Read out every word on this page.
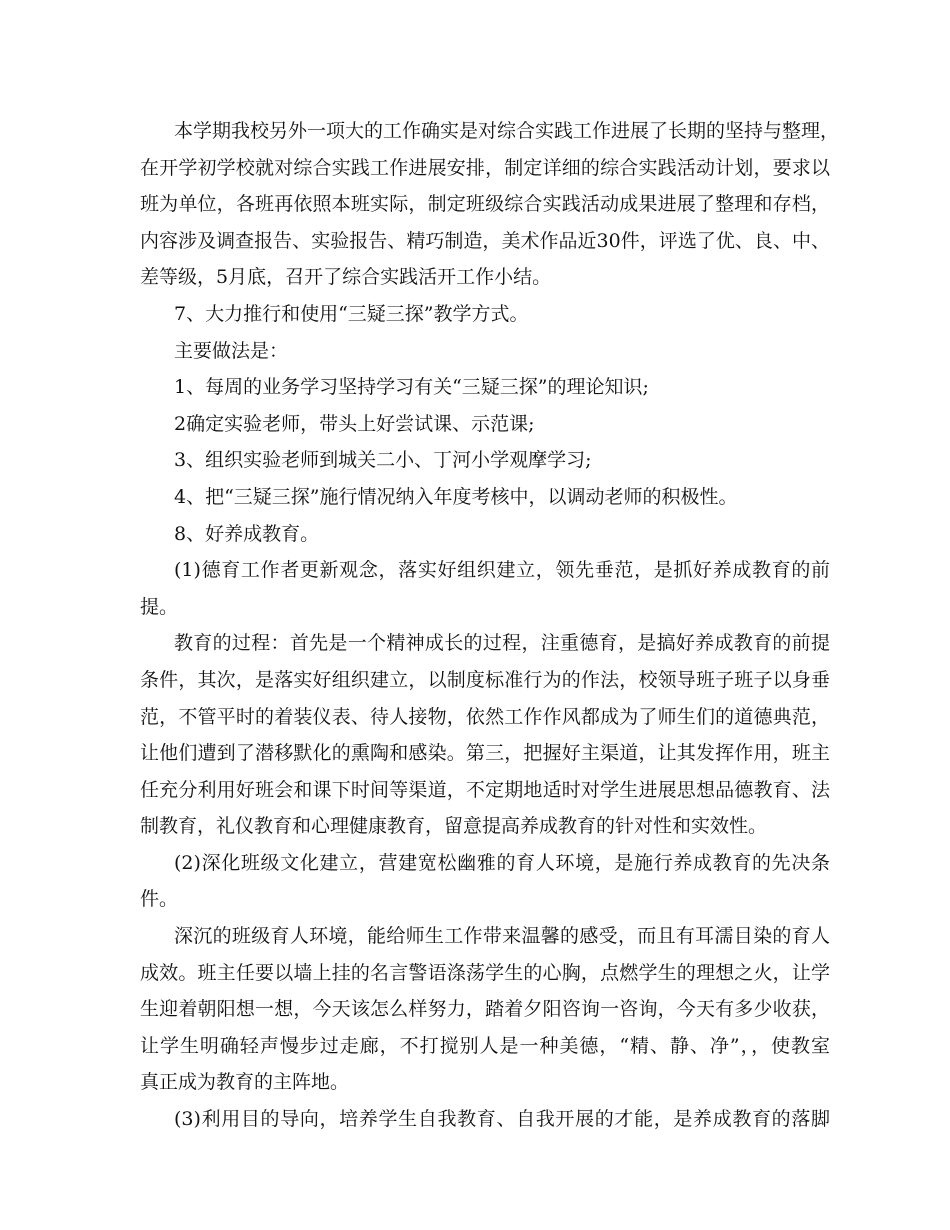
本学期我校另外一项大的工作确实是对综合实践工作进展了长期的坚持与整理，
在开学初学校就对综合实践工作进展安排，制定详细的综合实践活动计划，要求以
班为单位，各班再依照本班实际，制定班级综合实践活动成果进展了整理和存档，
内容涉及调查报告、实验报告、精巧制造，美术作品近30件，评选了优、良、中、
差等级，5月底，召开了综合实践活开工作小结。
7、大力推行和使用“三疑三探”教学方式。
主要做法是：
1、每周的业务学习坚持学习有关“三疑三探”的理论知识;
2确定实验老师，带头上好尝试课、示范课;
3、组织实验老师到城关二小、丁河小学观摩学习;
4、把“三疑三探”施行情况纳入年度考核中，以调动老师的积极性。
8、好养成教育。
(1)德育工作者更新观念，落实好组织建立，领先垂范，是抓好养成教育的前
提。
教育的过程：首先是一个精神成长的过程，注重德育，是搞好养成教育的前提
条件，其次，是落实好组织建立，以制度标准行为的作法，校领导班子班子以身垂
范，不管平时的着装仪表、待人接物，依然工作作风都成为了师生们的道德典范，
让他们遭到了潜移默化的熏陶和感染。第三，把握好主渠道，让其发挥作用，班主
任充分利用好班会和课下时间等渠道，不定期地适时对学生进展思想品德教育、法
制教育，礼仪教育和心理健康教育，留意提高养成教育的针对性和实效性。
(2)深化班级文化建立，营建宽松幽雅的育人环境，是施行养成教育的先决条
件。
深沉的班级育人环境，能给师生工作带来温馨的感受，而且有耳濡目染的育人
成效。班主任要以墙上挂的名言警语涤荡学生的心胸，点燃学生的理想之火，让学
生迎着朝阳想一想，今天该怎么样努力，踏着夕阳咨询一咨询，今天有多少收获，
让学生明确轻声慢步过走廊，不打搅别人是一种美德，“精、静、净”，，使教室
真正成为教育的主阵地。
(3)利用目的导向，培养学生自我教育、自我开展的才能，是养成教育的落脚
